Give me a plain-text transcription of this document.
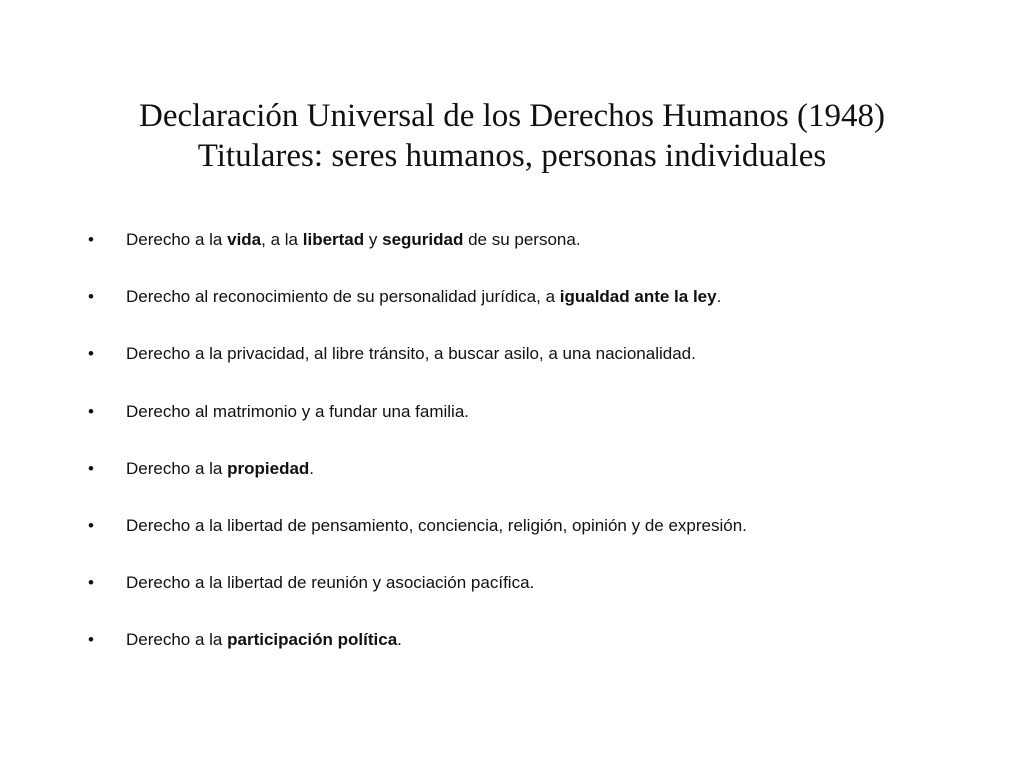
Declaración Universal de los Derechos Humanos (1948)
Titulares: seres humanos, personas individuales
•	Derecho a la vida, a la libertad y seguridad de su persona.
•	Derecho al reconocimiento de su personalidad jurídica, a igualdad ante la ley.
•	Derecho a la privacidad, al libre tránsito, a buscar asilo, a una nacionalidad.
•	Derecho al matrimonio y a fundar una familia.
•	Derecho a la propiedad.
•	Derecho a la libertad de pensamiento, conciencia, religión, opinión y de expresión.
•	Derecho a la libertad de reunión y asociación pacífica.
•	Derecho a la participación política.
